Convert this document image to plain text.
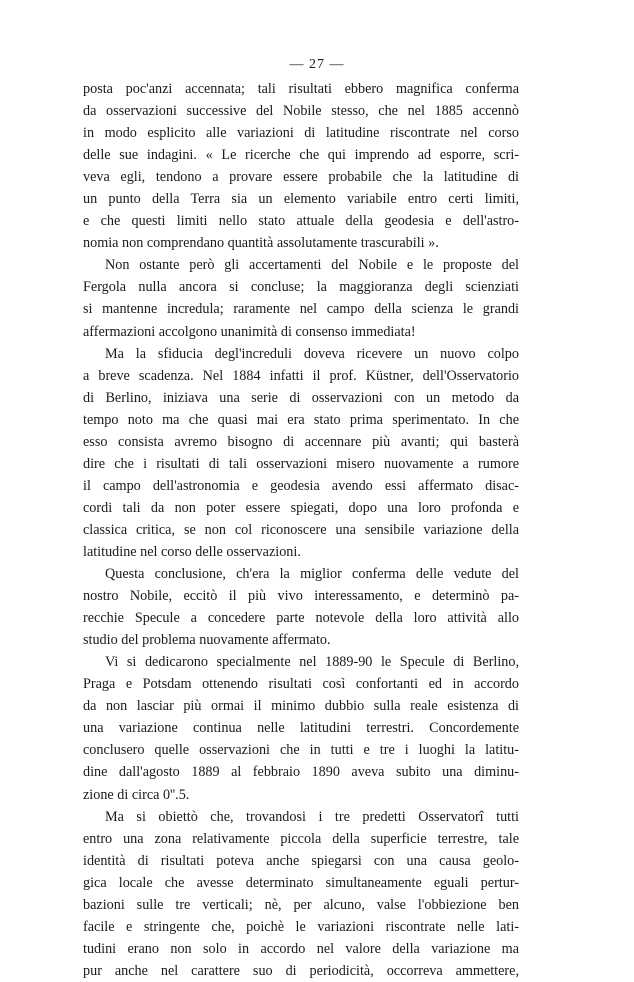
— 27 —
posta poc'anzi accennata; tali risultati ebbero magnifica conferma
da osservazioni successive del Nobile stesso, che nel 1885 accennò
in modo esplicito alle variazioni di latitudine riscontrate nel corso
delle sue indagini. « Le ricerche che qui imprendo ad esporre, scri-
veva egli, tendono a provare essere probabile che la latitudine di
un punto della Terra sia un elemento variabile entro certi limiti,
e che questi limiti nello stato attuale della geodesia e dell'astro-
nomia non comprendano quantità assolutamente trascurabili ».
Non ostante però gli accertamenti del Nobile e le proposte del
Fergola nulla ancora si concluse; la maggioranza degli scienziati
si mantenne incredula; raramente nel campo della scienza le grandi
affermazioni accolgono unanimità di consenso immediata!
Ma la sfiducia degl'increduli doveva ricevere un nuovo colpo
a breve scadenza. Nel 1884 infatti il prof. Küstner, dell'Osservatorio
di Berlino, iniziava una serie di osservazioni con un metodo da
tempo noto ma che quasi mai era stato prima sperimentato. In che
esso consista avremo bisogno di accennare più avanti; qui basterà
dire che i risultati di tali osservazioni misero nuovamente a rumore
il campo dell'astronomia e geodesia avendo essi affermato disac-
cordi tali da non poter essere spiegati, dopo una loro profonda e
classica critica, se non col riconoscere una sensibile variazione della
latitudine nel corso delle osservazioni.
Questa conclusione, ch'era la miglior conferma delle vedute del
nostro Nobile, eccitò il più vivo interessamento, e determinò pa-
recchie Specule a concedere parte notevole della loro attività allo
studio del problema nuovamente affermato.
Vi si dedicarono specialmente nel 1889-90 le Specule di Berlino,
Praga e Potsdam ottenendo risultati così confortanti ed in accordo
da non lasciar più ormai il minimo dubbio sulla reale esistenza di
una variazione continua nelle latitudini terrestri. Concordemente
conclusero quelle osservazioni che in tutti e tre i luoghi la latitu-
dine dall'agosto 1889 al febbraio 1890 aveva subito una diminu-
zione di circa 0''.5.
Ma si obiettò che, trovandosi i tre predetti Osservatorî tutti
entro una zona relativamente piccola della superficie terrestre, tale
identità di risultati poteva anche spiegarsi con una causa geolo-
gica locale che avesse determinato simultaneamente eguali pertur-
bazioni sulle tre verticali; nè, per alcuno, valse l'obbiezione ben
facile e stringente che, poichè le variazioni riscontrate nelle lati-
tudini erano non solo in accordo nel valore della variazione ma
pur anche nel carattere suo di periodicità, occorreva ammettere,
